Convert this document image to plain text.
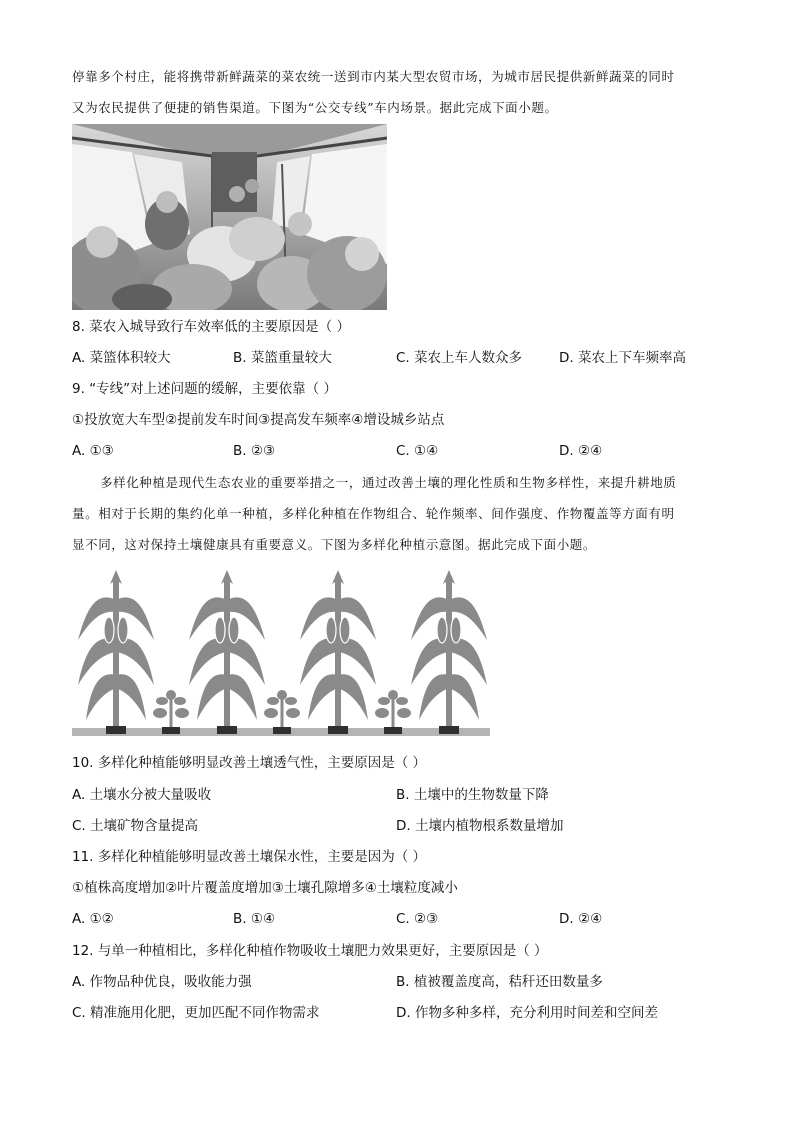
停靠多个村庄，能将携带新鲜蔬菜的菜农统一送到市内某大型农贸市场，为城市居民提供新鲜蔬菜的同时
又为农民提供了便捷的销售渠道。下图为“公交专线”车内场景。据此完成下面小题。
8. 菜农入城导致行车效率低的主要原因是（ ）
A. 菜篮体积较大	B. 菜篮重量较大	C. 菜农上车人数众多	D. 菜农上下车频率高
9. “专线”对上述问题的缓解，主要依靠（ ）
①投放宽大车型②提前发车时间③提高发车频率④增设城乡站点
A. ①③	B. ②③	C. ①④	D. ②④
多样化种植是现代生态农业的重要举措之一，通过改善土壤的理化性质和生物多样性，来提升耕地质
量。相对于长期的集约化单一种植，多样化种植在作物组合、轮作频率、间作强度、作物覆盖等方面有明
显不同，这对保持土壤健康具有重要意义。下图为多样化种植示意图。据此完成下面小题。
10. 多样化种植能够明显改善土壤透气性，主要原因是（ ）
A. 土壤水分被大量吸收	B. 土壤中的生物数量下降
C. 土壤矿物含量提高	D. 土壤内植物根系数量增加
11. 多样化种植能够明显改善土壤保水性，主要是因为（ ）
①植株高度增加②叶片覆盖度增加③土壤孔隙增多④土壤粒度减小
A. ①②	B. ①④	C. ②③	D. ②④
12. 与单一种植相比，多样化种植作物吸收土壤肥力效果更好，主要原因是（ ）
A. 作物品种优良，吸收能力强	B. 植被覆盖度高，秸秆还田数量多
C. 精准施用化肥，更加匹配不同作物需求	D. 作物多种多样，充分利用时间差和空间差
